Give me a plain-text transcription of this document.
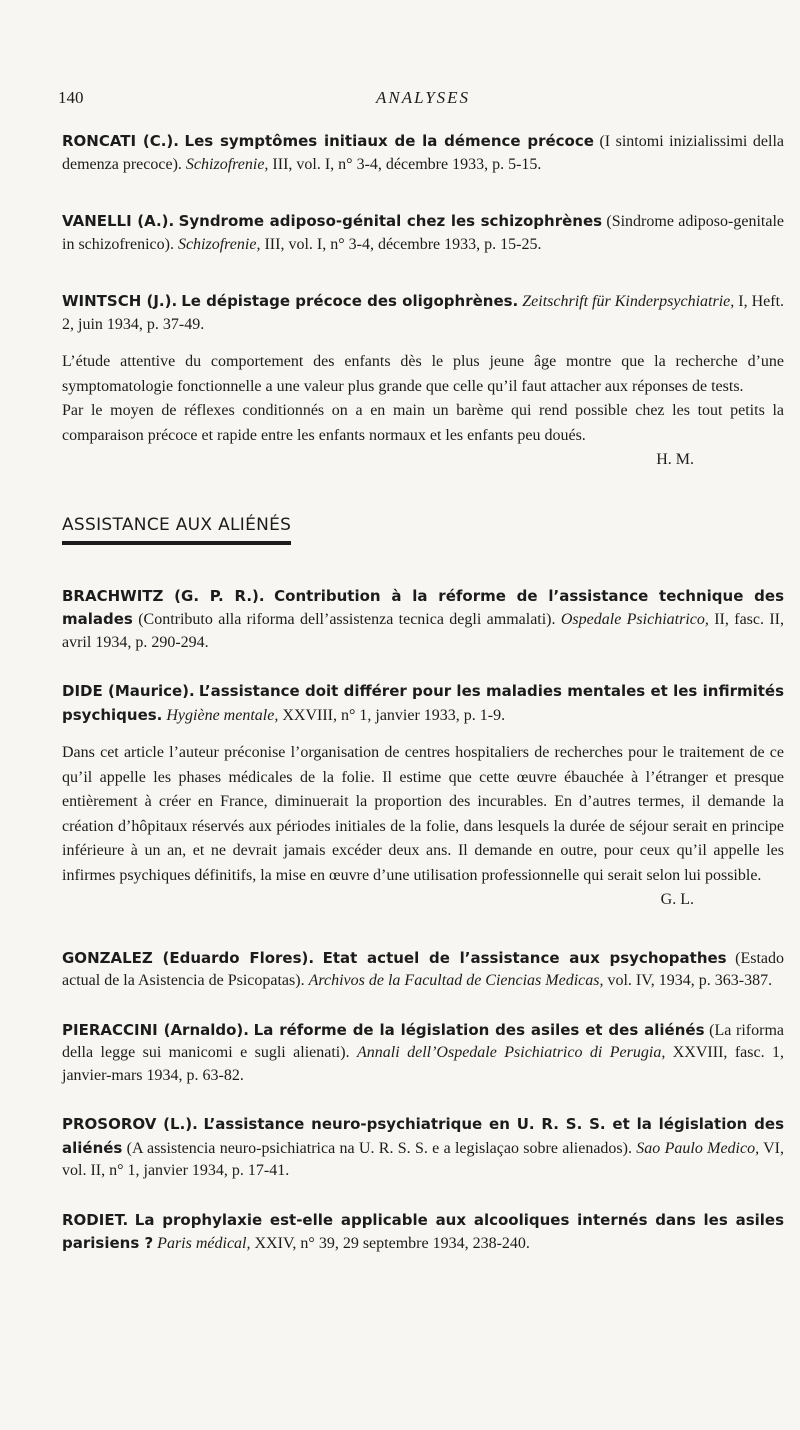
140	ANALYSES
RONCATI (C.). Les symptômes initiaux de la démence précoce (I sintomi inizialissimi della demenza precoce). Schizofrenie, III, vol. I, n° 3-4, décembre 1933, p. 5-15.
VANELLI (A.). Syndrome adiposo-génital chez les schizophrènes (Sindrome adiposo-genitale in schizofrenico). Schizofrenie, III, vol. I, n° 3-4, décembre 1933, p. 15-25.
WINTSCH (J.). Le dépistage précoce des oligophrènes. Zeitschrift für Kinderpsychiatrie, I, Heft. 2, juin 1934, p. 37-49.

L’étude attentive du comportement des enfants dès le plus jeune âge montre que la recherche d’une symptomatologie fonctionnelle a une valeur plus grande que celle qu’il faut attacher aux réponses de tests.

Par le moyen de réflexes conditionnés on a en main un barème qui rend possible chez les tout petits la comparaison précoce et rapide entre les enfants normaux et les enfants peu doués.

H. M.

ASSISTANCE AUX ALIÉNÉS
BRACHWITZ (G. P. R.). Contribution à la réforme de l’assistance technique des malades (Contributo alla riforma dell’assistenza tecnica degli ammalati). Ospedale Psichiatrico, II, fasc. II, avril 1934, p. 290-294.
DIDE (Maurice). L’assistance doit différer pour les maladies mentales et les infirmités psychiques. Hygiène mentale, XXVIII, n° 1, janvier 1933, p. 1-9.

Dans cet article l’auteur préconise l’organisation de centres hospitaliers de recherches pour le traitement de ce qu’il appelle les phases médicales de la folie. Il estime que cette œuvre ébauchée à l’étranger et presque entièrement à créer en France, diminuerait la proportion des incurables. En d’autres termes, il demande la création d’hôpitaux réservés aux périodes initiales de la folie, dans lesquels la durée de séjour serait en principe inférieure à un an, et ne devrait jamais excéder deux ans. Il demande en outre, pour ceux qu’il appelle les infirmes psychiques définitifs, la mise en œuvre d’une utilisation professionnelle qui serait selon lui possible.

G. L.

GONZALEZ (Eduardo Flores). Etat actuel de l’assistance aux psychopathes (Estado actual de la Asistencia de Psicopatas). Archivos de la Facultad de Ciencias Medicas, vol. IV, 1934, p. 363-387.
PIERACCINI (Arnaldo). La réforme de la législation des asiles et des aliénés (La riforma della legge sui manicomi e sugli alienati). Annali dell’Ospedale Psichiatrico di Perugia, XXVIII, fasc. 1, janvier-mars 1934, p. 63-82.
PROSOROV (L.). L’assistance neuro-psychiatrique en U. R. S. S. et la législation des aliénés (A assistencia neuro-psichiatrica na U. R. S. S. e a legislaçao sobre alienados). Sao Paulo Medico, VI, vol. II, n° 1, janvier 1934, p. 17-41.
RODIET. La prophylaxie est-elle applicable aux alcooliques internés dans les asiles parisiens ? Paris médical, XXIV, n° 39, 29 septembre 1934, 238-240.
